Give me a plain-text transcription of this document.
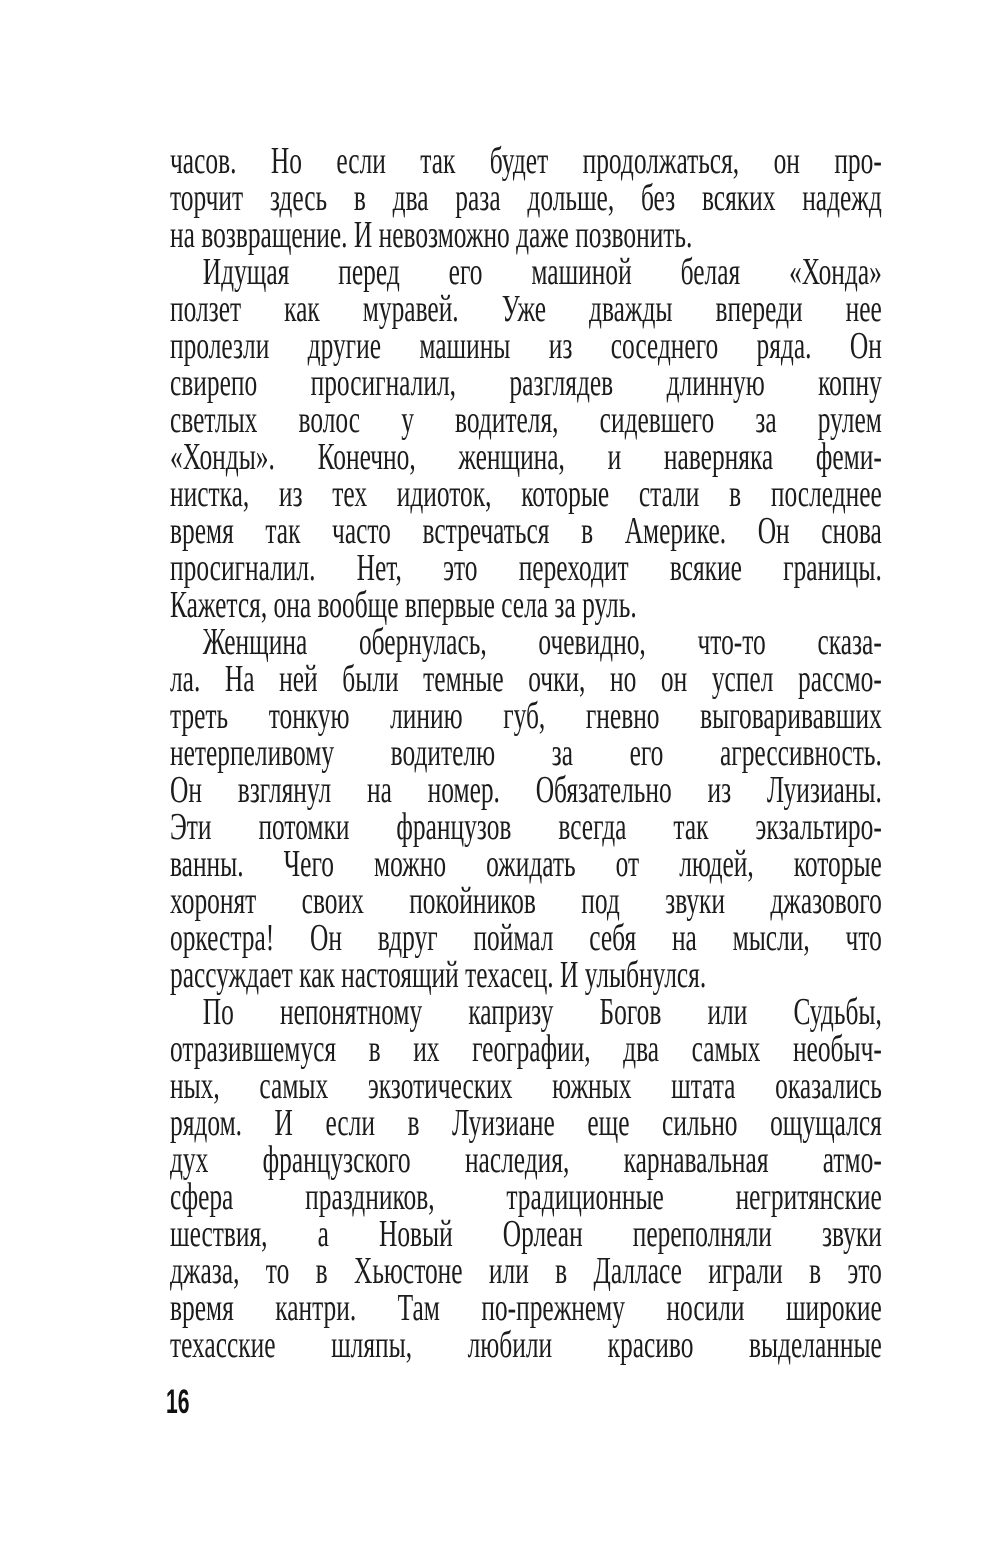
часов. Но если так будет продолжаться, он про-
торчит здесь в два раза дольше, без всяких надежд
на возвращение. И невозможно даже позвонить.
Идущая перед его машиной белая «Хонда»
ползет как муравей. Уже дважды впереди нее
пролезли другие машины из соседнего ряда. Он
свирепо просигналил, разглядев длинную копну
светлых волос у водителя, сидевшего за рулем
«Хонды». Конечно, женщина, и наверняка феми-
нистка, из тех идиоток, которые стали в последнее
время так часто встречаться в Америке. Он снова
просигналил. Нет, это переходит всякие границы.
Кажется, она вообще впервые села за руль.
Женщина обернулась, очевидно, что-то сказа-
ла. На ней были темные очки, но он успел рассмо-
треть тонкую линию губ, гневно выговаривавших
нетерпеливому водителю за его агрессивность.
Он взглянул на номер. Обязательно из Луизианы.
Эти потомки французов всегда так экзальтиро-
ванны. Чего можно ожидать от людей, которые
хоронят своих покойников под звуки джазового
оркестра! Он вдруг поймал себя на мысли, что
рассуждает как настоящий техасец. И улыбнулся.
По непонятному капризу Богов или Судьбы,
отразившемуся в их географии, два самых необыч-
ных, самых экзотических южных штата оказались
рядом. И если в Луизиане еще сильно ощущался
дух французского наследия, карнавальная атмо-
сфера праздников, традиционные негритянские
шествия, а Новый Орлеан переполняли звуки
джаза, то в Хьюстоне или в Далласе играли в это
время кантри. Там по-прежнему носили широкие
техасские шляпы, любили красиво выделанные
16
